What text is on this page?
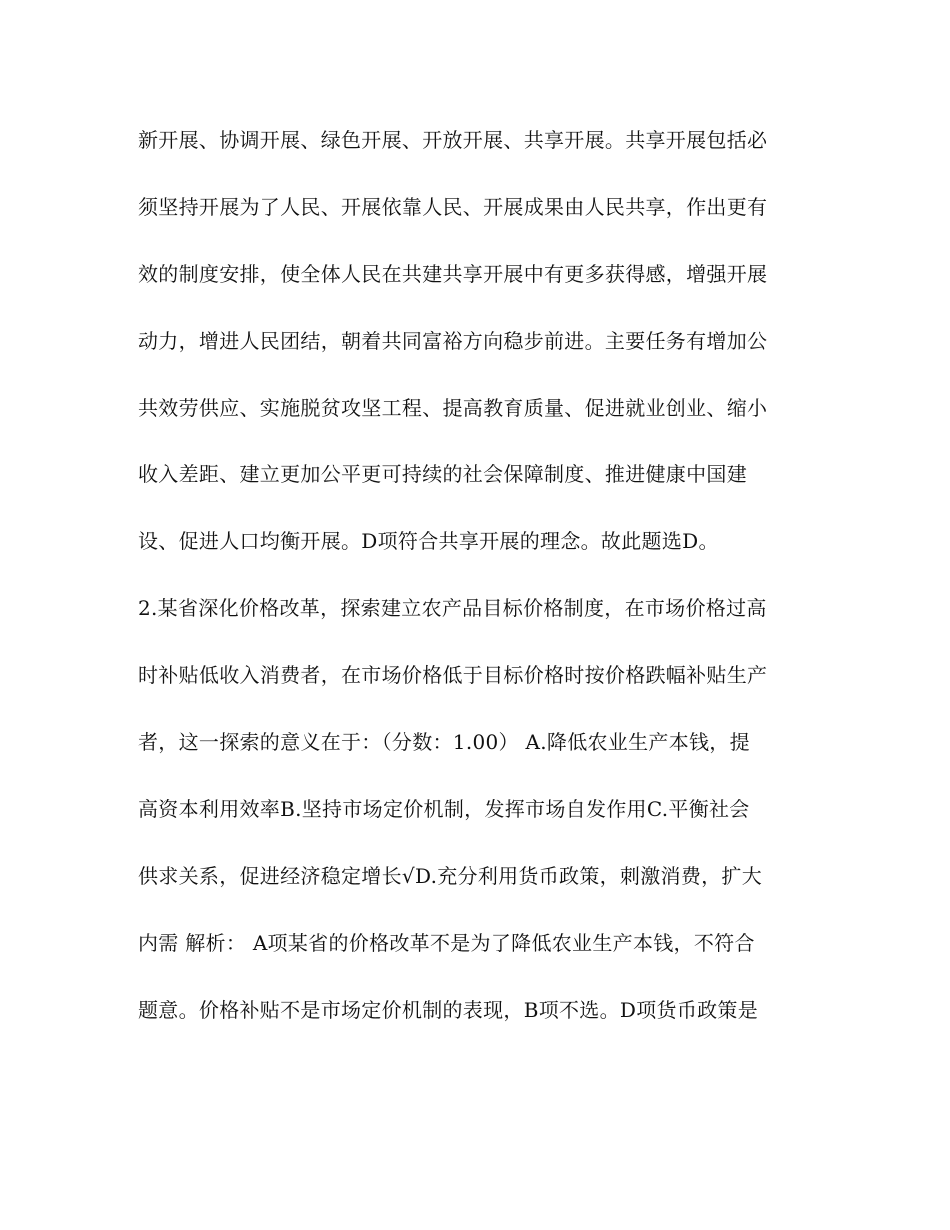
新开展、协调开展、绿色开展、开放开展、共享开展。共享开展包括必
须坚持开展为了人民、开展依靠人民、开展成果由人民共享，作出更有
效的制度安排，使全体人民在共建共享开展中有更多获得感，增强开展
动力，增进人民团结，朝着共同富裕方向稳步前进。主要任务有增加公
共效劳供应、实施脱贫攻坚工程、提高教育质量、促进就业创业、缩小
收入差距、建立更加公平更可持续的社会保障制度、推进健康中国建
设、促进人口均衡开展。D项符合共享开展的理念。故此题选D。
2.某省深化价格改革，探索建立农产品目标价格制度，在市场价格过高
时补贴低收入消费者，在市场价格低于目标价格时按价格跌幅补贴生产
者，这一探索的意义在于：（分数：1.00） A.降低农业生产本钱，提
高资本利用效率B.坚持市场定价机制，发挥市场自发作用C.平衡社会
供求关系，促进经济稳定增长√D.充分利用货币政策，刺激消费，扩大
内需 解析： A项某省的价格改革不是为了降低农业生产本钱，不符合
题意。价格补贴不是市场定价机制的表现，B项不选。D项货币政策是
